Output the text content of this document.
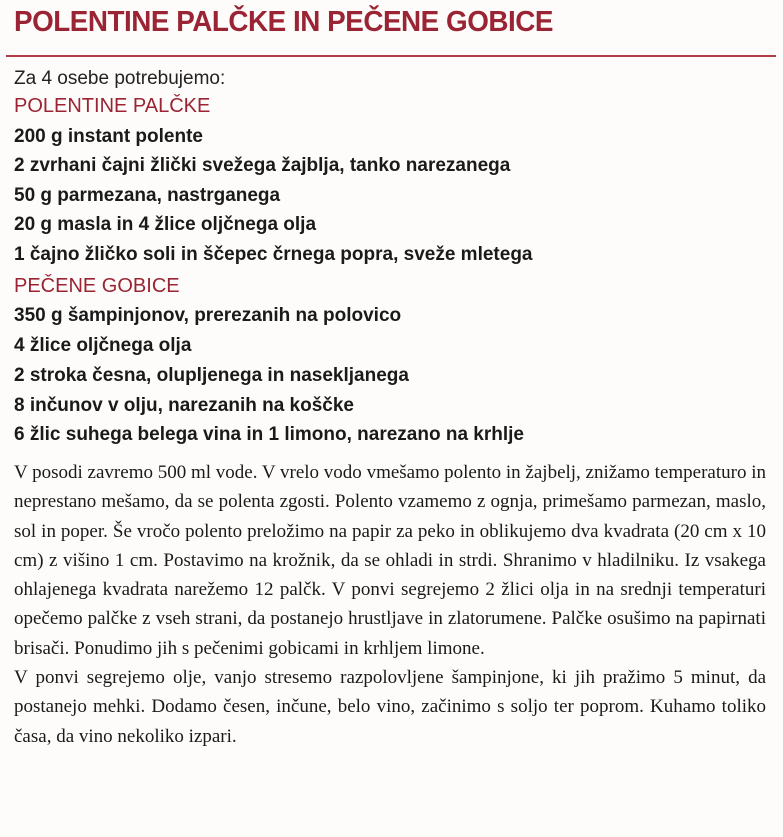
POLENTINE PALČKE IN PEČENE GOBICE
Za 4 osebe potrebujemo:
POLENTINE PALČKE
200 g instant polente
2 zvrhani čajni žlički svežega žajblja, tanko narezanega
50 g parmezana, nastrganega
20 g masla in 4 žlice oljčnega olja
1 čajno žličko soli in ščepec črnega popra, sveže mletega
PEČENE GOBICE
350 g šampinjonov, prerezanih na polovico
4 žlice oljčnega olja
2 stroka česna, olupljenega in nasekljanega
8 inčunov v olju, narezanih na koščke
6 žlic suhega belega vina in 1 limono, narezano na krhlje

V posodi zavremo 500 ml vode. V vrelo vodo vmešamo polento in žajbelj, znižamo temperaturo in neprestano mešamo, da se polenta zgosti. Polento vzamemo z ognja, primešamo parmezan, maslo, sol in poper. Še vročo polento preložimo na papir za peko in oblikujemo dva kvadrata (20 cm x 10 cm) z višino 1 cm. Postavimo na krožnik, da se ohladi in strdi. Shranimo v hladilniku. Iz vsakega ohlajenega kvadrata narežemo 12 palčk. V ponvi segrejemo 2 žlici olja in na srednji temperaturi opečemo palčke z vseh strani, da postanejo hrustljave in zlatorumene. Palčke osušimo na papirnati brisači. Ponudimo jih s pečenimi gobicami in krhljem limone.

V ponvi segrejemo olje, vanjo stresemo razpolovljene šampinjone, ki jih pražimo 5 minut, da postanejo mehki. Dodamo česen, inčune, belo vino, začinimo s soljo ter poprom. Kuhamo toliko časa, da vino nekoliko izpari.
